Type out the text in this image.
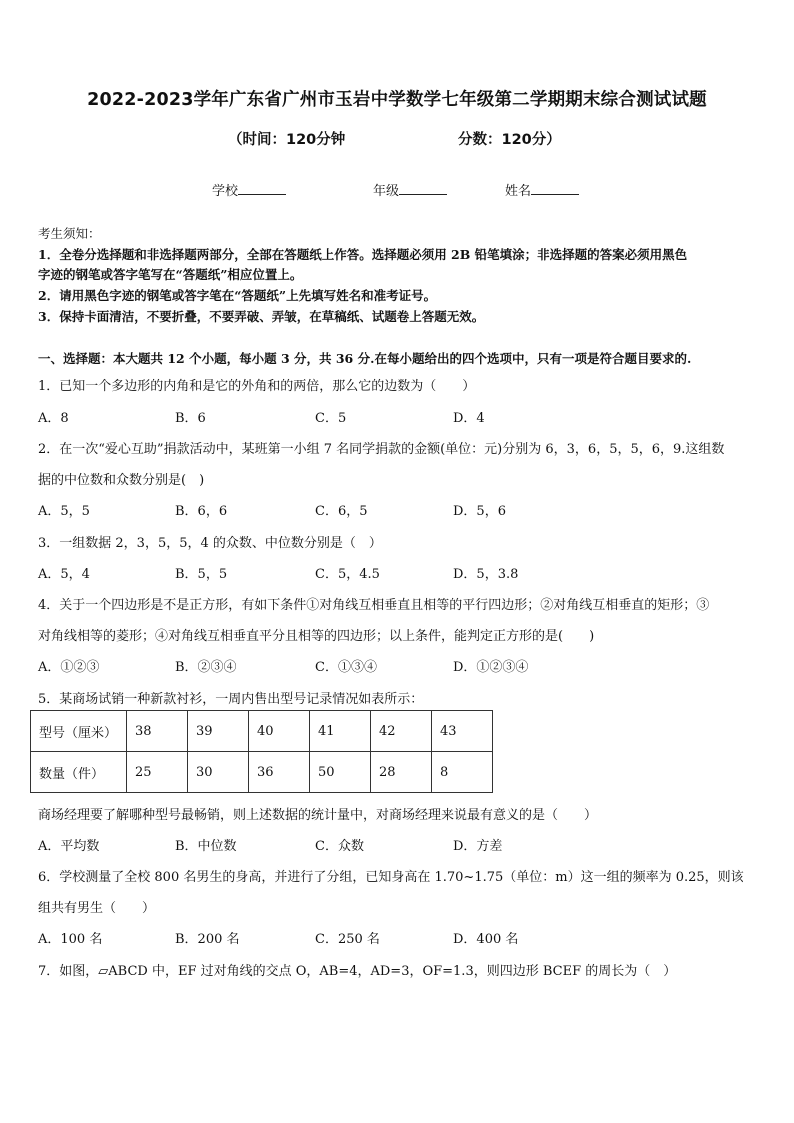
2022-2023学年广东省广州市玉岩中学数学七年级第二学期期末综合测试试题
（时间：120分钟	分数：120分）
学校	年级	姓名
考生须知：
1．全卷分选择题和非选择题两部分，全部在答题纸上作答。选择题必须用 2B 铅笔填涂；非选择题的答案必须用黑色
字迹的钢笔或答字笔写在“答题纸”相应位置上。
2．请用黑色字迹的钢笔或答字笔在“答题纸”上先填写姓名和准考证号。
3．保持卡面清洁，不要折叠，不要弄破、弄皱，在草稿纸、试题卷上答题无效。
一、选择题：本大题共 12 个小题，每小题 3 分，共 36 分.在每小题给出的四个选项中，只有一项是符合题目要求的.
1．已知一个多边形的内角和是它的外角和的两倍，那么它的边数为（　　）
A．8	B．6	C．5	D．4
2．在一次“爱心互助”捐款活动中，某班第一小组 7 名同学捐款的金额(单位：元)分别为 6，3，6，5，5，6，9.这组数
据的中位数和众数分别是(　)
A．5，5	B．6，6	C．6，5	D．5，6
3．一组数据 2，3，5，5，4 的众数、中位数分别是（　）
A．5，4	B．5，5	C．5，4.5	D．5，3.8
4．关于一个四边形是不是正方形，有如下条件①对角线互相垂直且相等的平行四边形；②对角线互相垂直的矩形；③
对角线相等的菱形；④对角线互相垂直平分且相等的四边形；以上条件，能判定正方形的是(　　)
A．①②③	B．②③④	C．①③④	D．①②③④
5．某商场试销一种新款衬衫，一周内售出型号记录情况如表所示：
型号（厘米）	38	39	40	41	42	43
数量（件）	25	30	36	50	28	8
商场经理要了解哪种型号最畅销，则上述数据的统计量中，对商场经理来说最有意义的是（　　）
A．平均数	B．中位数	C．众数	D．方差
6．学校测量了全校 800 名男生的身高，并进行了分组，已知身高在 1.70~1.75（单位：m）这一组的频率为 0.25，则该
组共有男生（　　）
A．100 名	B．200 名	C．250 名	D．400 名
7．如图，▱ABCD 中，EF 过对角线的交点 O，AB=4，AD=3，OF=1.3，则四边形 BCEF 的周长为（　）
